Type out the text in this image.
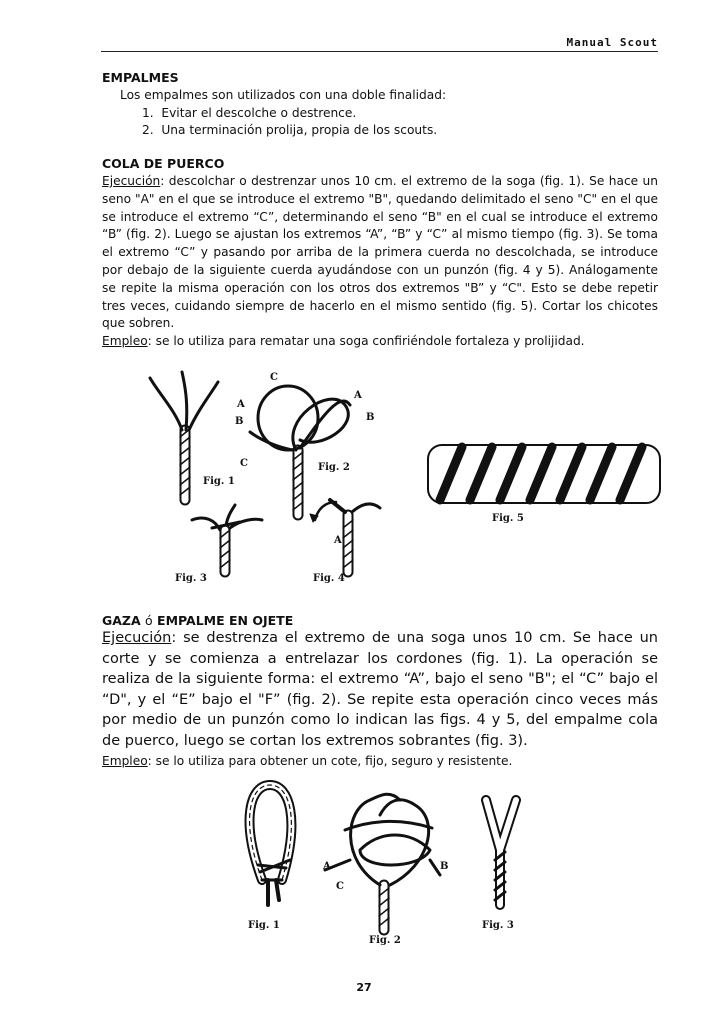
Manual Scout

EMPALMES

Los empalmes son utilizados con una doble finalidad:

1. Evitar el descolche o destrence.

2. Una terminación prolija, propia de los scouts.

COLA DE PUERCO

Ejecución: descolchar o destrenzar unos 10 cm. el extremo de la soga (fig. 1). Se hace un seno "A" en el que se introduce el extremo "B", quedando delimitado el seno "C" en el que se introduce el extremo “C”, determinando el seno “B" en el cual se introduce el extremo “B” (fig. 2). Luego se ajustan los extremos “A”, “B” y “C” al mismo tiempo (fig. 3). Se toma el extremo “C” y pasando por arriba de la primera cuerda no descolchada, se introduce por debajo de la siguiente cuerda ayudándose con un punzón (fig. 4 y 5). Análogamente se repite la misma operación con los otros dos extremos "B” y “C". Esto se debe repetir tres veces, cuidando siempre de hacerlo en el mismo sentido (fig. 5). Cortar los chicotes que sobren.

Empleo: se lo utiliza para rematar una soga confiriéndole fortaleza y prolijidad.

C
A
B
C
A
B
A
Fig. 1
Fig. 2
Fig. 3	Fig. 4
Fig. 5

GAZA ó EMPALME EN OJETE

Ejecución: se destrenza el extremo de una soga unos 10 cm. Se hace un corte y se comienza a entrelazar los cordones (fig. 1). La operación se realiza de la siguiente forma: el extremo “A”, bajo el seno "B"; el “C” bajo el “D", y el “E” bajo el "F” (fig. 2). Se repite esta operación cinco veces más por medio de un punzón como lo indican las figs. 4 y 5, del empalme cola de puerco, luego se cortan los extremos sobrantes (fig. 3).

Empleo: se lo utiliza para obtener un cote, fijo, seguro y resistente.

A
C
B
Fig. 1
Fig. 2
Fig. 3
27
